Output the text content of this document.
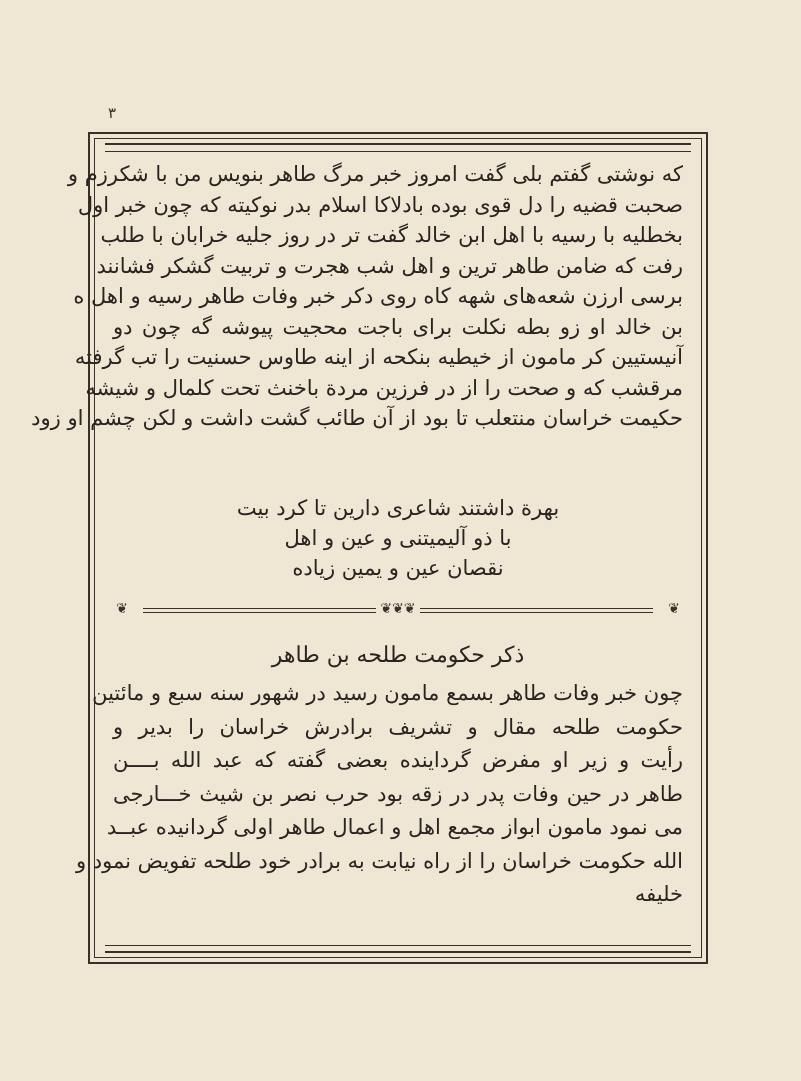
۳
که نوشتی گفتم بلی گفت امروز خبر مرگ طاهر بنویس من با شکرزم و
صحبت قضیه را دل قوی بوده بادلاکا اسلام بدر نوکیته که چون خبر اول
بخطلیه با رسیه با اهل ابن خالد گفت تر در روز جلیه خرابان با طلب
رفت که ضامن طاهر ترین و اهل شب هجرت و تربیت گشکر فشانند
برسی ارزن شعه‌های شهه کاه روی دکر خبر وفات طاهر رسیه و اهل ه
بن خالد او زو بطه نکلت برای باجت محجیت پیوشه گه چون دو
آنیستیین کر مامون از خیطیه بنکحه از اینه طاوس حسنیت را تب گرفته
مرقشب که و صحت را از در فرزین مردة باخنث تحت کلمال و شیشه
حکیمت خراسان منتعلب تا بود از آن طائب گشت داشت و لکن چشم او زود
بهرة داشتند شاعری دارین تا کرد بیت
با ذو آلیمیتنی و عین و اهل
نقصان عین و یمین زیاده
❦	❦❦❦	❦
ذکر حکومت طلحه بن طاهر
چون خبر وفات طاهر بسمع مامون رسید در شهور سنه سبع و مائتین
حکومت طلحه مقال و تشریف برادرش خراسان را بدیر و
رأیت و زیر او مفرض گرداینده بعضی گفته که عبد الله بــــن
طاهر در حین وفات پدر در زقه بود حرب نصر بن شیث خـــارجی
می نمود مامون ابواز مجمع اهل و اعمال طاهر اولی گردانیده عبــد
الله حکومت خراسان را از راه نیابت به برادر خود طلحه تفویض نمود و
خلیفه
